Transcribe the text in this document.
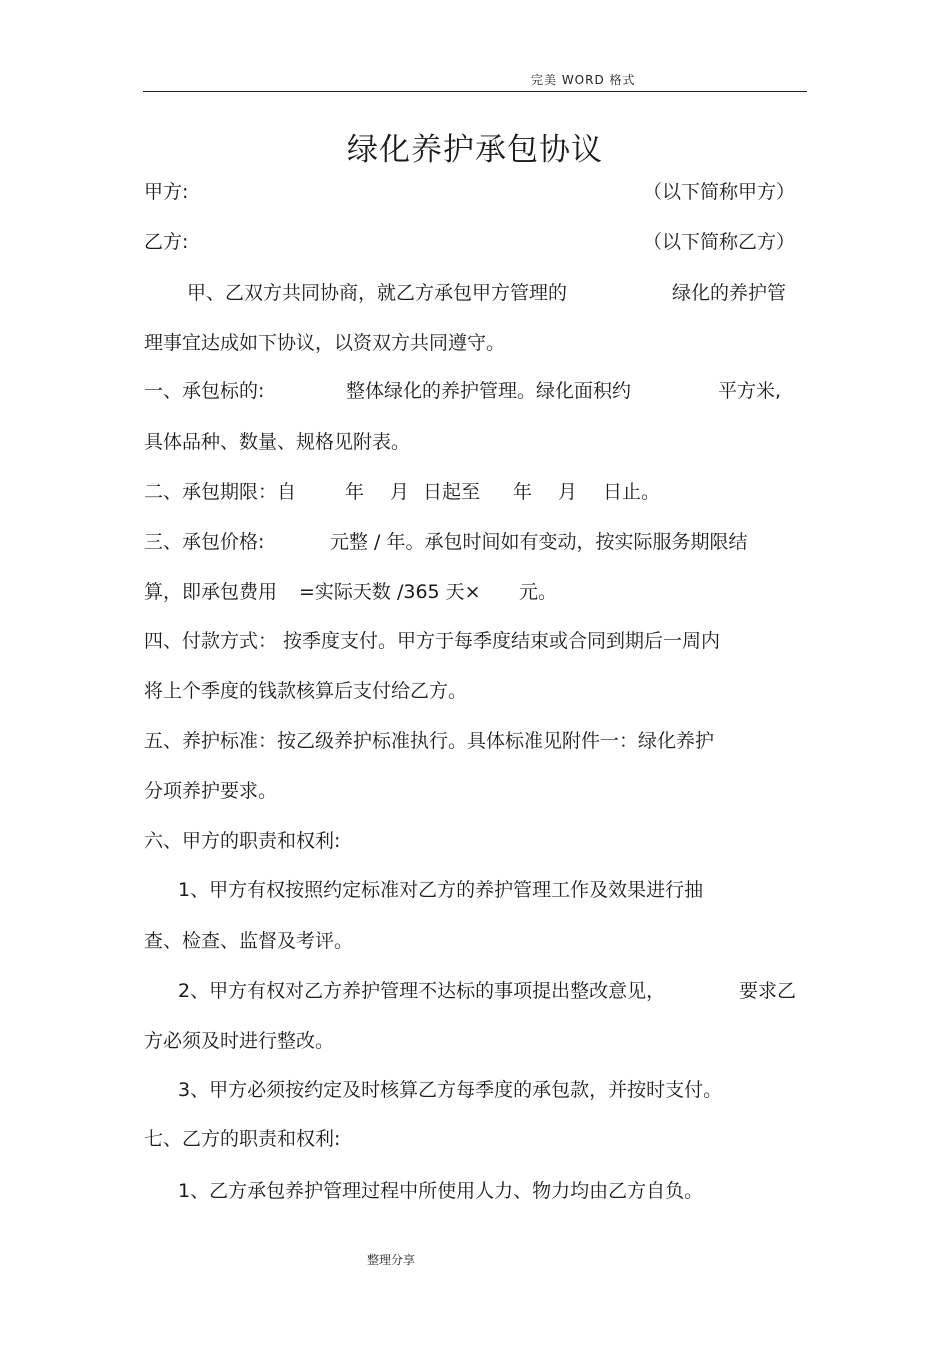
完美 WORD 格式
绿化养护承包协议
甲方:	（以下简称甲方）
乙方:	（以下简称乙方）
甲、乙双方共同协商，就乙方承包甲方管理的	绿化的养护管
理事宜达成如下协议，以资双方共同遵守。
一、承包标的:	整体绿化的养护管理。绿化面积约	平方米,
具体品种、数量、规格见附表。
二、承包期限：自	年 月 日起至 年 月 日止。
三、承包价格:	元整 / 年。承包时间如有变动，按实际服务期限结
算，即承包费用 =实际天数 /365 天× 元。
四、付款方式： 按季度支付。甲方于每季度结束或合同到期后一周内
将上个季度的钱款核算后支付给乙方。
五、养护标准：按乙级养护标准执行。具体标准见附件一：绿化养护
分项养护要求。
六、甲方的职责和权利:
1、甲方有权按照约定标准对乙方的养护管理工作及效果进行抽
查、检查、监督及考评。
2、甲方有权对乙方养护管理不达标的事项提出整改意见，	要求乙
方必须及时进行整改。
3、甲方必须按约定及时核算乙方每季度的承包款，并按时支付。
七、乙方的职责和权利:
1、乙方承包养护管理过程中所使用人力、物力均由乙方自负。
整理分享
